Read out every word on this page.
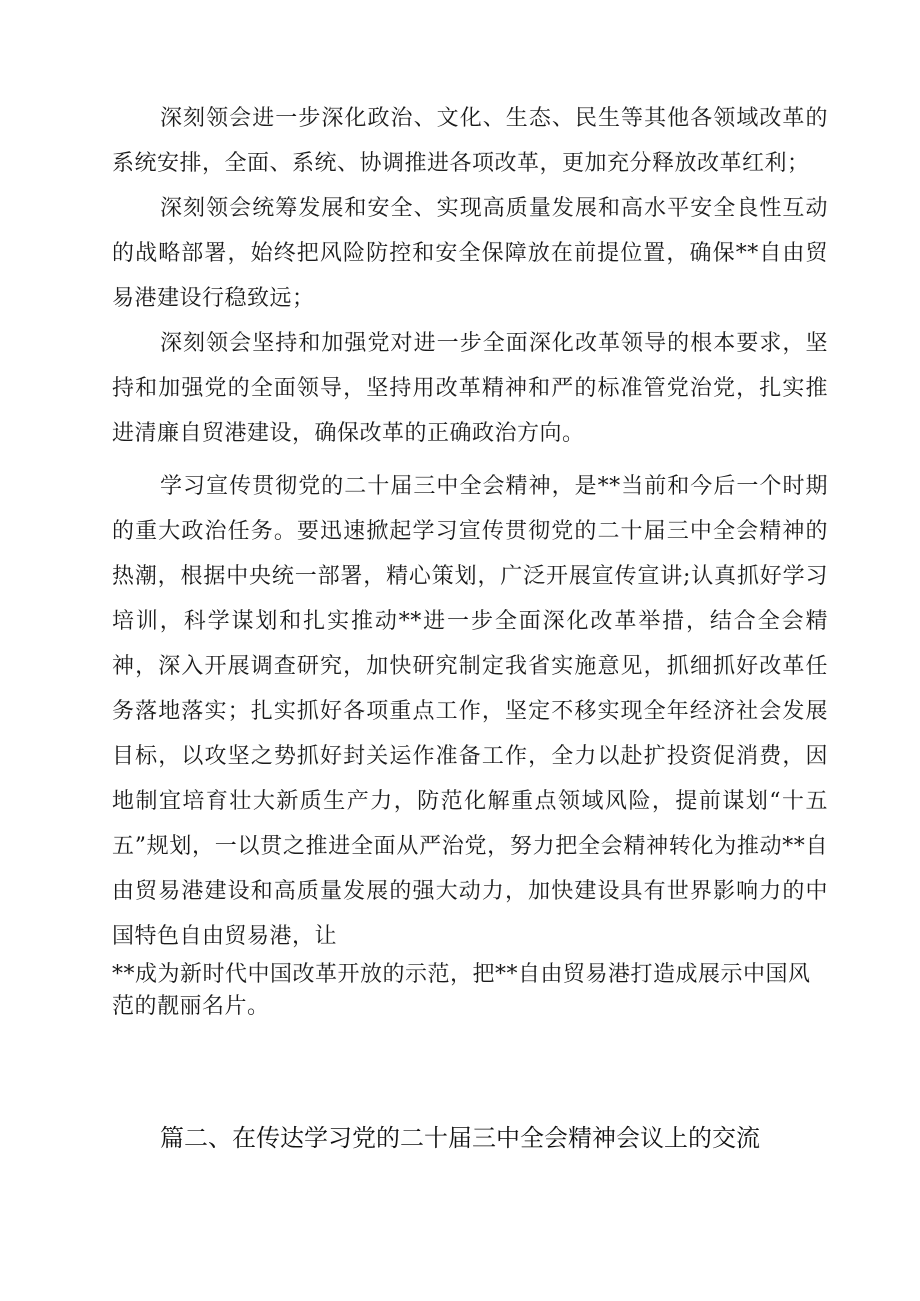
深刻领会进一步深化政治、文化、生态、民生等其他各领域改革的系统安排，全面、系统、协调推进各项改革，更加充分释放改革红利；

深刻领会统筹发展和安全、实现高质量发展和高水平安全良性互动的战略部署，始终把风险防控和安全保障放在前提位置，确保**自由贸易港建设行稳致远；

深刻领会坚持和加强党对进一步全面深化改革领导的根本要求，坚持和加强党的全面领导，坚持用改革精神和严的标准管党治党，扎实推进清廉自贸港建设，确保改革的正确政治方向。

学习宣传贯彻党的二十届三中全会精神，是**当前和今后一个时期的重大政治任务。要迅速掀起学习宣传贯彻党的二十届三中全会精神的热潮，根据中央统一部署，精心策划，广泛开展宣传宣讲;认真抓好学习培训，科学谋划和扎实推动**进一步全面深化改革举措，结合全会精神，深入开展调查研究，加快研究制定我省实施意见，抓细抓好改革任务落地落实；扎实抓好各项重点工作，坚定不移实现全年经济社会发展目标，以攻坚之势抓好封关运作准备工作，全力以赴扩投资促消费，因地制宜培育壮大新质生产力，防范化解重点领域风险，提前谋划“十五五”规划，一以贯之推进全面从严治党，努力把全会精神转化为推动**自由贸易港建设和高质量发展的强大动力，加快建设具有世界影响力的中国特色自由贸易港，让

**成为新时代中国改革开放的示范，把**自由贸易港打造成展示中国风范的靓丽名片。

篇二、在传达学习党的二十届三中全会精神会议上的交流
